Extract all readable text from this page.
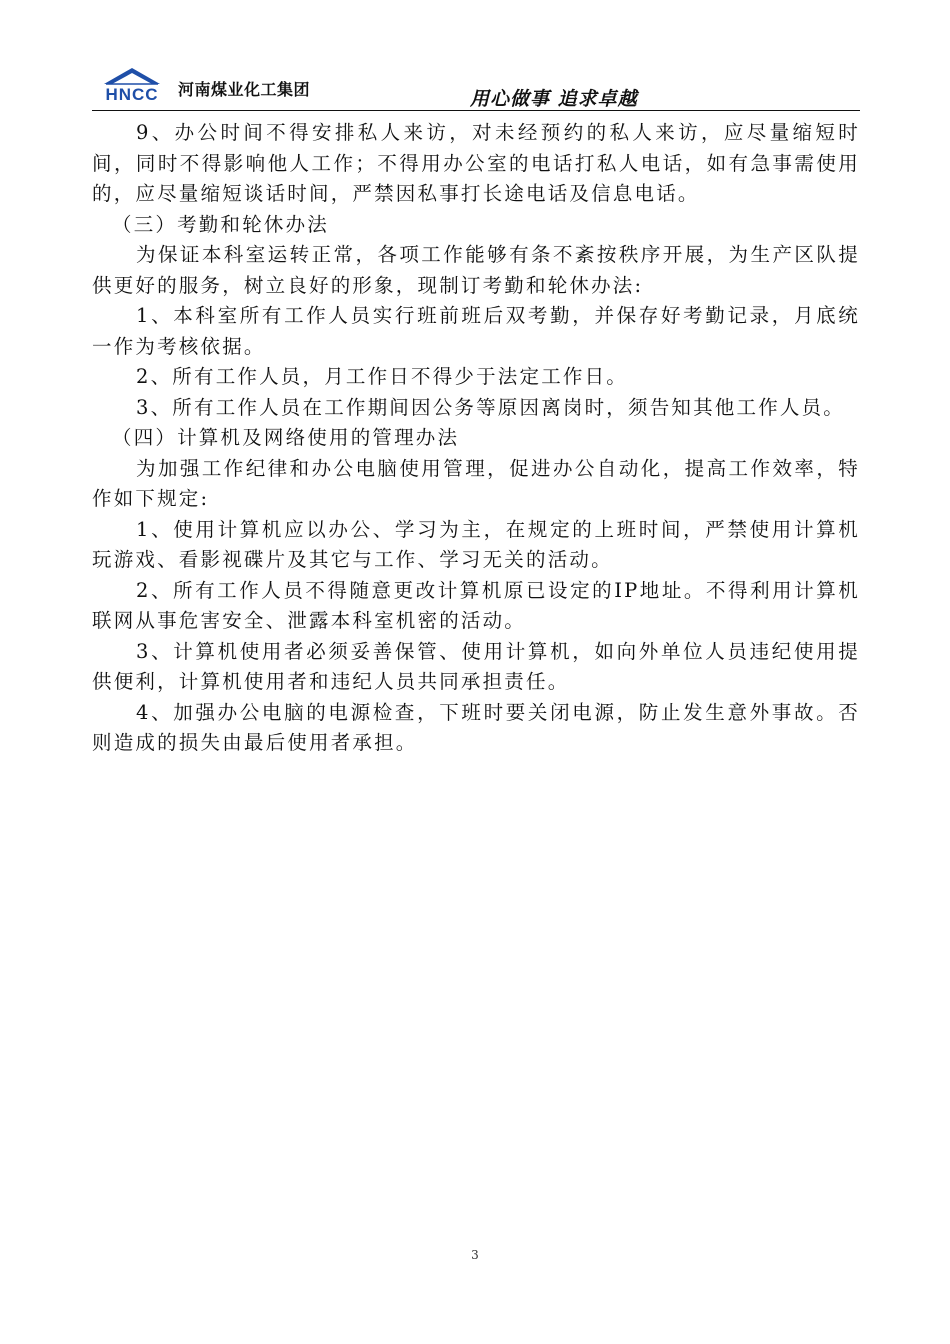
HNCC 河南煤业化工集团	用心做事 追求卓越

9、办公时间不得安排私人来访，对未经预约的私人来访，应尽量缩短时间，同时不得影响他人工作；不得用办公室的电话打私人电话，如有急事需使用的，应尽量缩短谈话时间，严禁因私事打长途电话及信息电话。

（三）考勤和轮休办法

为保证本科室运转正常，各项工作能够有条不紊按秩序开展，为生产区队提供更好的服务，树立良好的形象，现制订考勤和轮休办法:

1、本科室所有工作人员实行班前班后双考勤，并保存好考勤记录，月底统一作为考核依据。

2、所有工作人员，月工作日不得少于法定工作日。

3、所有工作人员在工作期间因公务等原因离岗时，须告知其他工作人员。

（四）计算机及网络使用的管理办法

为加强工作纪律和办公电脑使用管理，促进办公自动化，提高工作效率，特作如下规定:

1、使用计算机应以办公、学习为主，在规定的上班时间，严禁使用计算机玩游戏、看影视碟片及其它与工作、学习无关的活动。

2、所有工作人员不得随意更改计算机原已设定的IP地址。不得利用计算机联网从事危害安全、泄露本科室机密的活动。

3、计算机使用者必须妥善保管、使用计算机，如向外单位人员违纪使用提供便利，计算机使用者和违纪人员共同承担责任。

4、加强办公电脑的电源检查，下班时要关闭电源，防止发生意外事故。否则造成的损失由最后使用者承担。

3
